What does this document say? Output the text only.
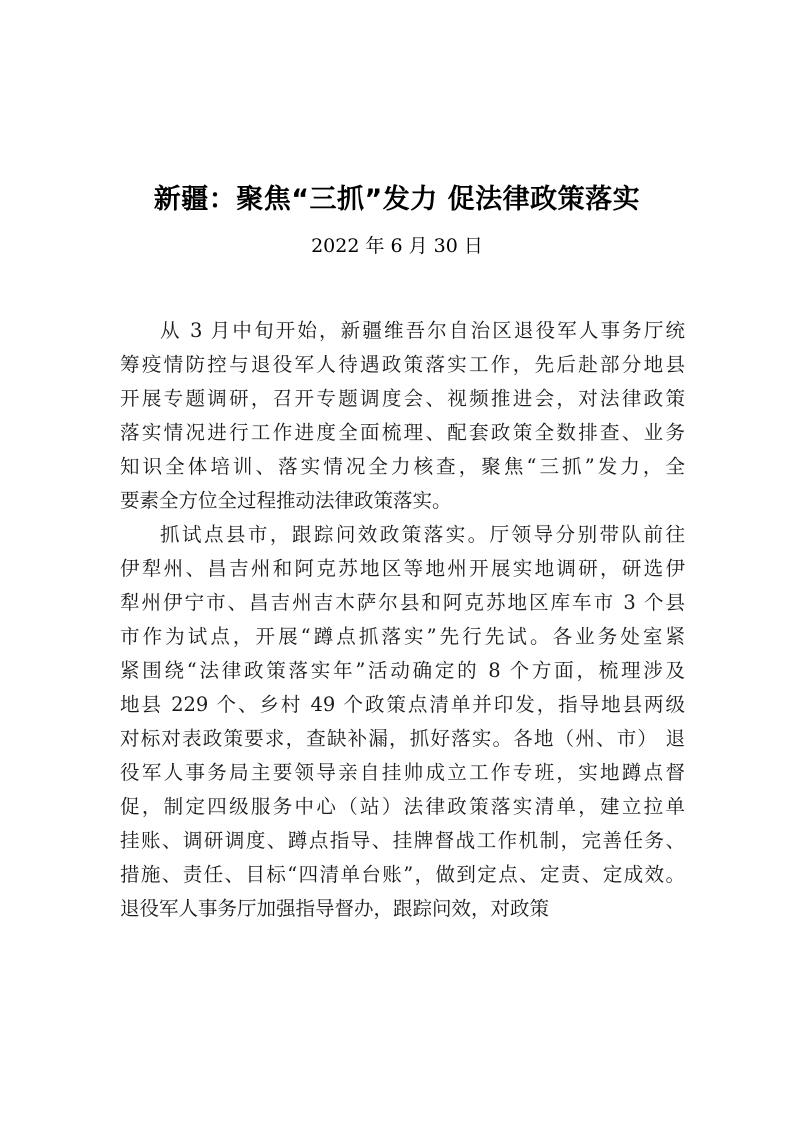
新疆：聚焦“三抓”发力 促法律政策落实
2022 年 6 月 30 日
从 3 月中旬开始，新疆维吾尔自治区退役军人事务厅统
筹疫情防控与退役军人待遇政策落实工作，先后赴部分地县
开展专题调研，召开专题调度会、视频推进会，对法律政策
落实情况进行工作进度全面梳理、配套政策全数排查、业务
知识全体培训、落实情况全力核查，聚焦“三抓”发力，全
要素全方位全过程推动法律政策落实。
抓试点县市，跟踪问效政策落实。厅领导分别带队前往
伊犁州、昌吉州和阿克苏地区等地州开展实地调研，研选伊
犁州伊宁市、昌吉州吉木萨尔县和阿克苏地区库车市 3 个县
市作为试点，开展“蹲点抓落实”先行先试。各业务处室紧
紧围绕“法律政策落实年”活动确定的 8 个方面，梳理涉及
地县 229 个、乡村 49 个政策点清单并印发，指导地县两级
对标对表政策要求，查缺补漏，抓好落实。各地（州、市） 退
役军人事务局主要领导亲自挂帅成立工作专班，实地蹲点督
促，制定四级服务中心（站）法律政策落实清单，建立拉单
挂账、调研调度、蹲点指导、挂牌督战工作机制，完善任务、
措施、责任、目标“四清单台账”，做到定点、定责、定成效。
退役军人事务厅加强指导督办，跟踪问效，对政策
